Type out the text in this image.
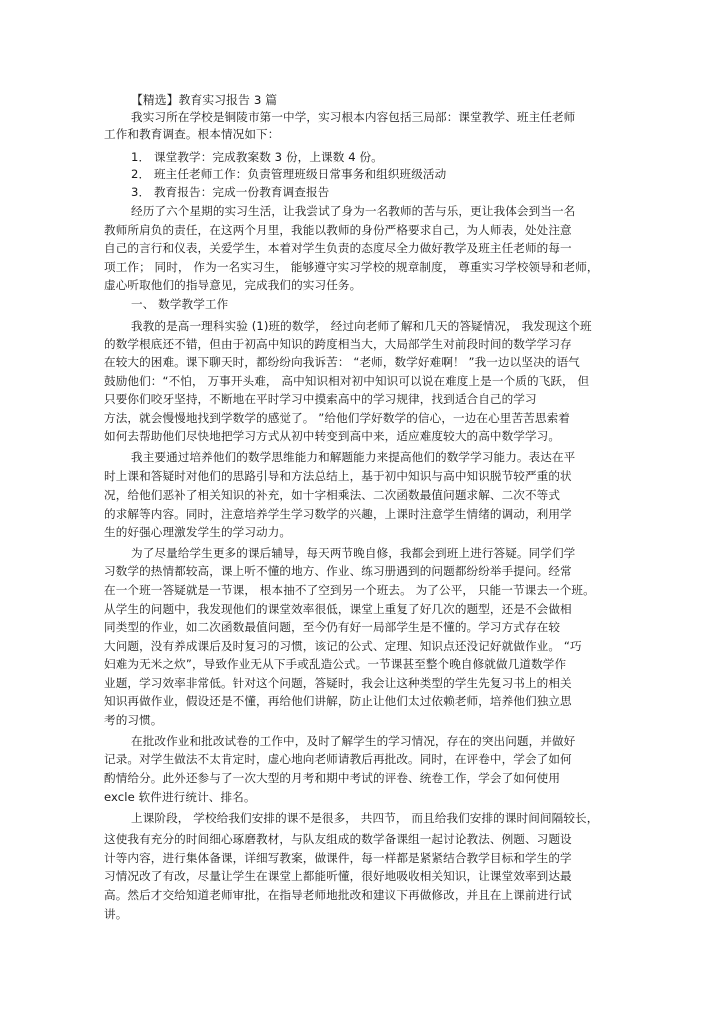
【精选】教育实习报告 3 篇
我实习所在学校是铜陵市第一中学，实习根本内容包括三局部：课堂教学、班主任老师
工作和教育调查。根本情况如下：
1． 课堂教学：完成教案数 3 份，上课数 4 份。
2． 班主任老师工作：负责管理班级日常事务和组织班级活动
3． 教育报告：完成一份教育调查报告
经历了六个星期的实习生活，让我尝试了身为一名教师的苦与乐，更让我体会到当一名
教师所肩负的责任，在这两个月里，我能以教师的身份严格要求自己，为人师表，处处注意
自己的言行和仪表，关爱学生，本着对学生负责的态度尽全力做好教学及班主任老师的每一
项工作； 同时， 作为一名实习生， 能够遵守实习学校的规章制度， 尊重实习学校领导和老师，
虚心听取他们的指导意见，完成我们的实习任务。
一、 数学教学工作
我教的是高一理科实验 (1)班的数学， 经过向老师了解和几天的答疑情况， 我发现这个班
的数学根底还不错，但由于初高中知识的跨度相当大，大局部学生对前段时间的数学学习存
在较大的困难。课下聊天时，都纷纷向我诉苦： “老师，数学好难啊！ ”我一边以坚决的语气
鼓励他们：“不怕， 万事开头难， 高中知识相对初中知识可以说在难度上是一个质的飞跃， 但
只要你们咬牙坚持，不断地在平时学习中摸索高中的学习规律，找到适合自己的学习
方法，就会慢慢地找到学数学的感觉了。 ”给他们学好数学的信心，一边在心里苦苦思索着
如何去帮助他们尽快地把学习方式从初中转变到高中来，适应难度较大的高中数学学习。
我主要通过培养他们的数学思维能力和解题能力来提高他们的数学学习能力。表达在平
时上课和答疑时对他们的思路引导和方法总结上，基于初中知识与高中知识脱节较严重的状
况，给他们恶补了相关知识的补充，如十字相乘法、二次函数最值问题求解、二次不等式
的求解等内容。同时，注意培养学生学习数学的兴趣，上课时注意学生情绪的调动，利用学
生的好强心理激发学生的学习动力。
为了尽量给学生更多的课后辅导，每天两节晚自修，我都会到班上进行答疑。同学们学
习数学的热情都较高，课上听不懂的地方、作业、练习册遇到的问题都纷纷举手提问。经常
在一个班一答疑就是一节课， 根本抽不了空到另一个班去。 为了公平， 只能一节课去一个班。
从学生的问题中，我发现他们的课堂效率很低，课堂上重复了好几次的题型，还是不会做相
同类型的作业，如二次函数最值问题，至今仍有好一局部学生是不懂的。学习方式存在较
大问题，没有养成课后及时复习的习惯，该记的公式、定理、知识点还没记好就做作业。 “巧
妇难为无米之炊”，导致作业无从下手或乱造公式。一节课甚至整个晚自修就做几道数学作
业题，学习效率非常低。针对这个问题，答疑时，我会让这种类型的学生先复习书上的相关
知识再做作业，假设还是不懂，再给他们讲解，防止让他们太过依赖老师，培养他们独立思
考的习惯。
在批改作业和批改试卷的工作中，及时了解学生的学习情况，存在的突出问题，并做好
记录。对学生做法不太肯定时，虚心地向老师请教后再批改。同时，在评卷中，学会了如何
酌情给分。此外还参与了一次大型的月考和期中考试的评卷、统卷工作，学会了如何使用
excle 软件进行统计、排名。
上课阶段， 学校给我们安排的课不是很多， 共四节， 而且给我们安排的课时间间隔较长，
这使我有充分的时间细心琢磨教材，与队友组成的数学备课组一起讨论教法、例题、习题设
计等内容，进行集体备课，详细写教案，做课件，每一样都是紧紧结合教学目标和学生的学
习情况改了有改，尽量让学生在课堂上都能听懂，很好地吸收相关知识，让课堂效率到达最
高。然后才交给知道老师审批，在指导老师地批改和建议下再做修改，并且在上课前进行试
讲。
